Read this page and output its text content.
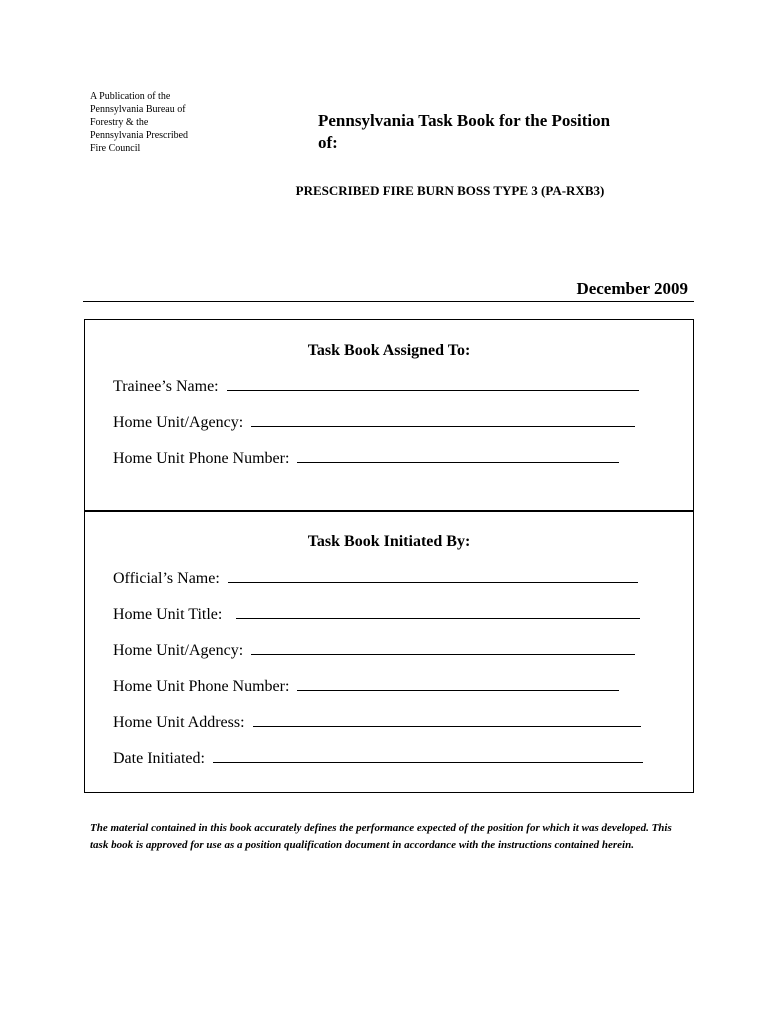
A Publication of the Pennsylvania Bureau of Forestry & the Pennsylvania Prescribed Fire Council
Pennsylvania Task Book for the Position of:
PRESCRIBED FIRE BURN BOSS TYPE 3 (PA-RXB3)
December 2009
Task Book Assigned To:
Trainee’s Name:
Home Unit/Agency:
Home Unit Phone Number:
Task Book Initiated By:
Official’s Name:
Home Unit Title:
Home Unit/Agency:
Home Unit Phone Number:
Home Unit Address:
Date Initiated:
The material contained in this book accurately defines the performance expected of the position for which it was developed. This task book is approved for use as a position qualification document in accordance with the instructions contained herein.
